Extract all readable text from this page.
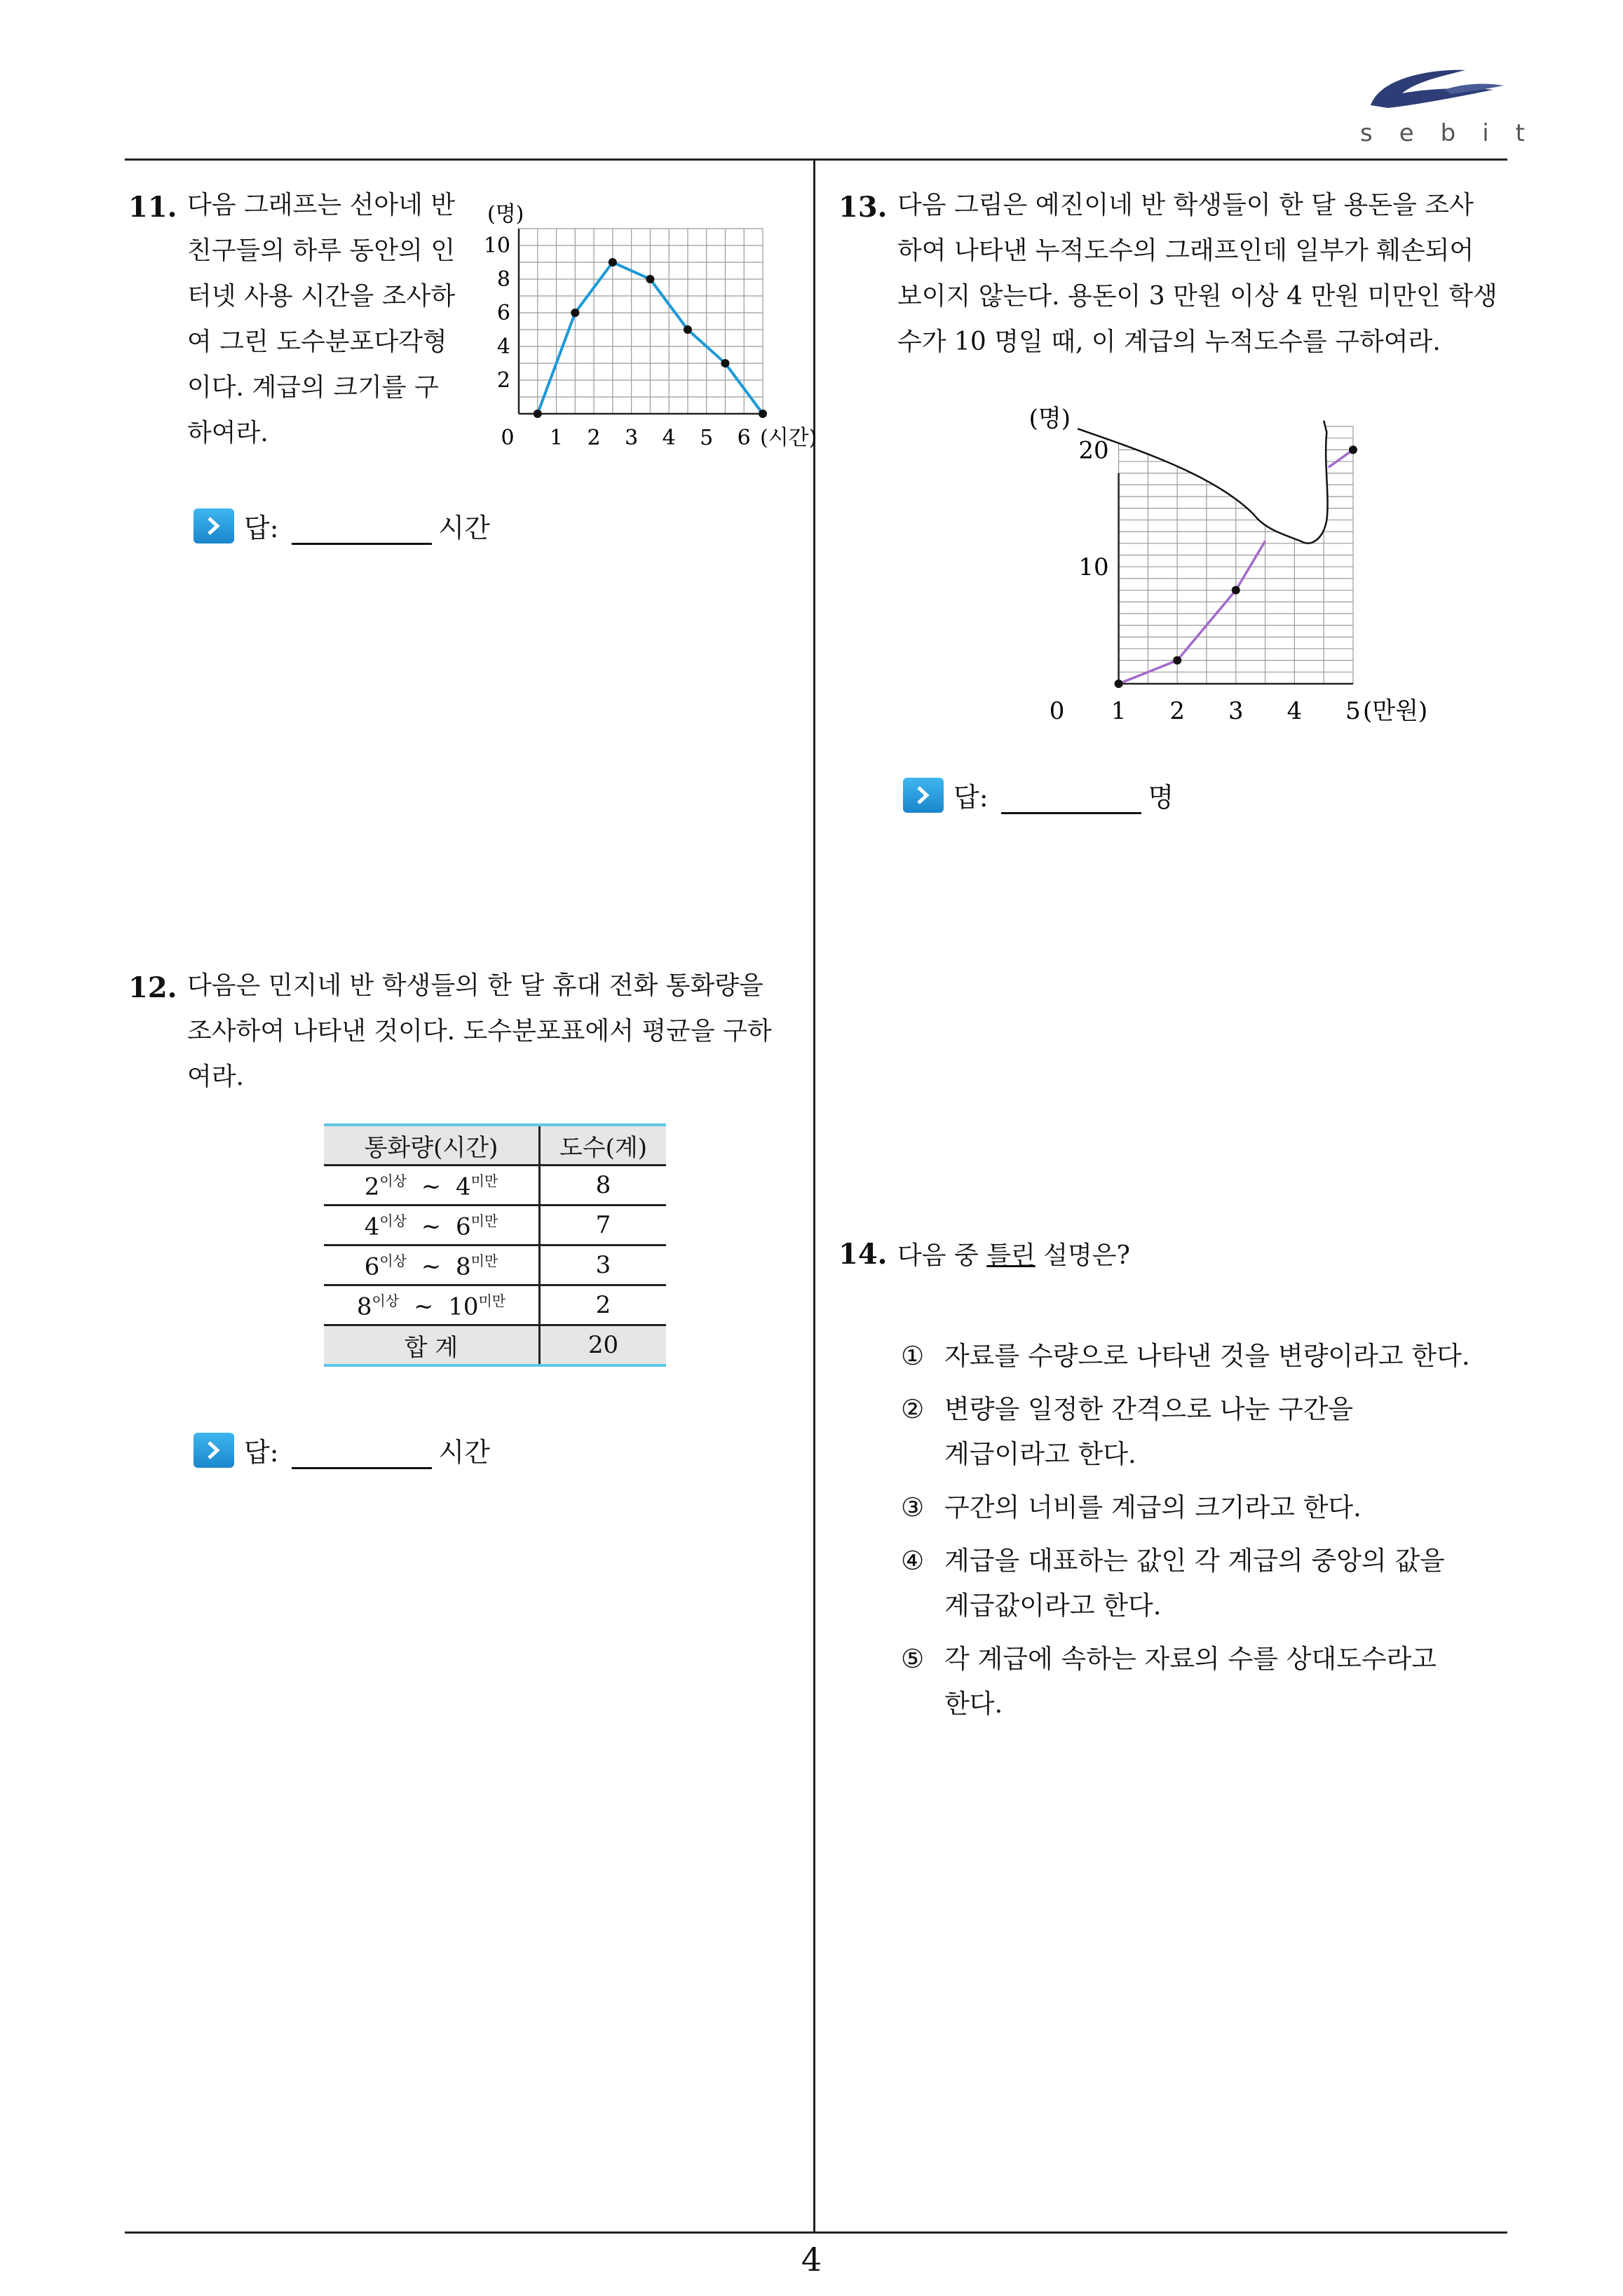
sebit
11. 다음 그래프는 선아네 반
친구들의 하루 동안의 인
터넷 사용 시간을 조사하
여 그린 도수분포다각형
이다. 계급의 크기를 구
하여라.	0 1 2 3 4 5 6
2
4
6
8
10
(명)
(시간)
답:	시간
12. 다음은 민지네 반 학생들의 한 달 휴대 전화 통화량을
조사하여 나타낸 것이다. 도수분포표에서 평균을 구하
여라.
통화량(시간)	도수(계)
$2^{이상}$ ~ $4^{미만}$	8
$4^{이상}$ ~ $6^{미만}$	7
$6^{이상}$ ~ $8^{미만}$	3
$8^{이상}$ ~ $10^{미만}$	2
합 계	20
답:	시간
13. 다음 그림은 예진이네 반 학생들이 한 달 용돈을 조사
하여 나타낸 누적도수의 그래프인데 일부가 훼손되어
보이지 않는다. 용돈이 3 만원 이상 4 만원 미만인 학생
수가 10 명일 때, 이 계급의 누적도수를 구하여라.
0 1 2 3 4 5
10
20
(명)
(만원)
답:	명
14. 다음 중 틀린 설명은?
① 자료를 수량으로 나타낸 것을 변량이라고 한다.
② 변량을 일정한 간격으로 나눈 구간을
계급이라고 한다.
③ 구간의 너비를 계급의 크기라고 한다.
④ 계급을 대표하는 값인 각 계급의 중앙의 값을
계급값이라고 한다.
⑤ 각 계급에 속하는 자료의 수를 상대도수라고
한다.
4
